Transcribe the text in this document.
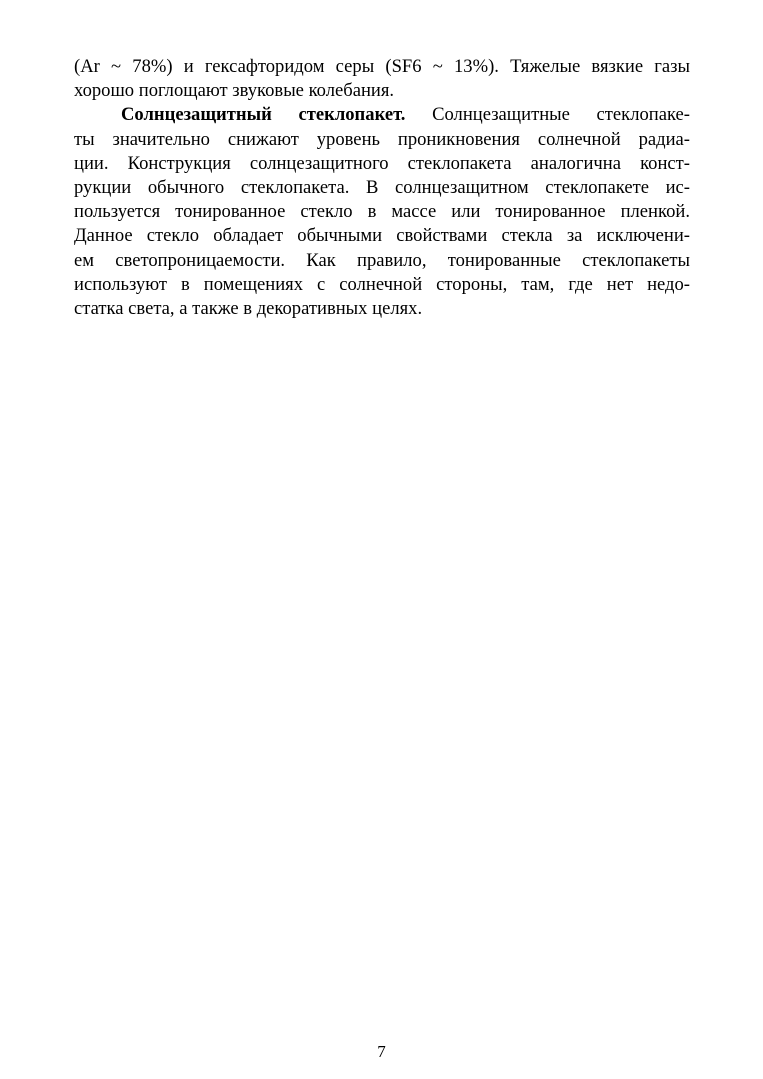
(Ar ~ 78%) и гексафторидом серы (SF6 ~ 13%). Тяжелые вязкие газы
хорошо поглощают звуковые колебания.
Солнцезащитный стеклопакет. Солнцезащитные стеклопаке-
ты значительно снижают уровень проникновения солнечной радиа-
ции. Конструкция солнцезащитного стеклопакета аналогична конст-
рукции обычного стеклопакета. В солнцезащитном стеклопакете ис-
пользуется тонированное стекло в массе или тонированное пленкой.
Данное стекло обладает обычными свойствами стекла за исключени-
ем светопроницаемости. Как правило, тонированные стеклопакеты
используют в помещениях с солнечной стороны, там, где нет недо-
статка света, а также в декоративных целях.
7
